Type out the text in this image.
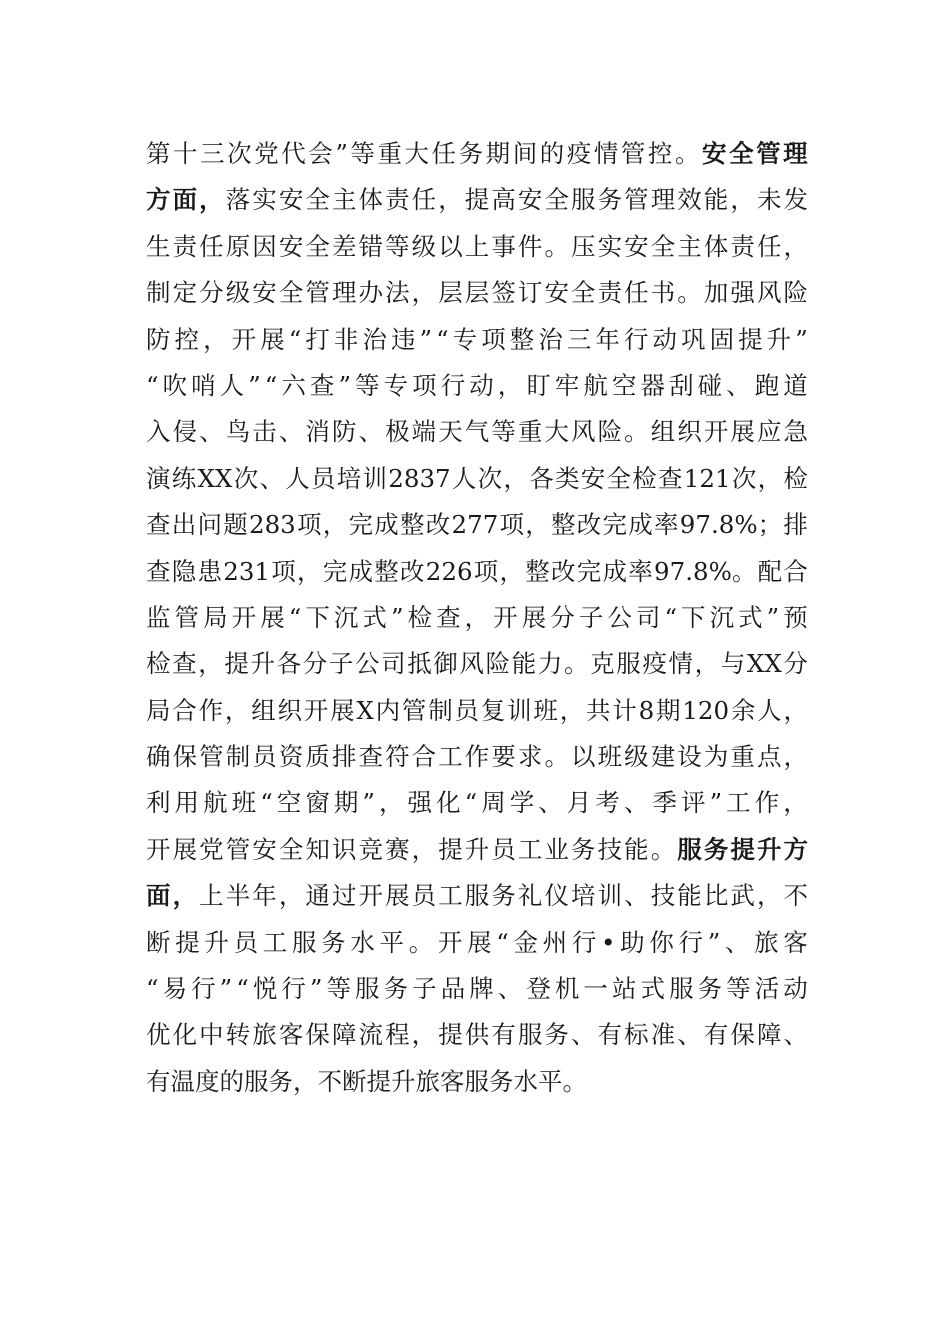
第 十 三 次 党 代 会 ” 等 重 大 任 务 期 间 的 疫 情 管 控 。 安 全 管 理
方 面 ， 落 实 安 全 主 体 责 任 ， 提 高 安 全 服 务 管 理 效 能 ， 未 发
生 责 任 原 因 安 全 差 错 等 级 以 上 事 件 。 压 实 安 全 主 体 责 任 ，
制 定 分 级 安 全 管 理 办 法 ， 层 层 签 订 安 全 责 任 书 。 加 强 风 险
防 控 ， 开 展 “ 打 非 治 违 ” “ 专 项 整 治 三 年 行 动 巩 固 提 升 ”
“ 吹 哨 人 ” “ 六 查 ” 等 专 项 行 动 ， 盯 牢 航 空 器 刮 碰 、 跑 道
入 侵 、 鸟 击 、 消 防 、 极 端 天 气 等 重 大 风 险 。 组 织 开 展 应 急
演 练 XX 次 、 人 员 培 训 2837 人 次 ， 各 类 安 全 检 查 121 次 ， 检
查 出 问 题 283 项 ， 完 成 整 改 277 项 ， 整 改 完 成 率 97.8%； 排
查 隐 患 231 项 ， 完 成 整 改 226 项 ， 整 改 完 成 率 97.8%。 配 合
监 管 局 开 展 “ 下 沉 式 ” 检 查 ， 开 展 分 子 公 司 “ 下 沉 式 ” 预
检 查 ， 提 升 各 分 子 公 司 抵 御 风 险 能 力 。 克 服 疫 情 ， 与 XX 分
局 合 作 ， 组 织 开 展 X 内 管 制 员 复 训 班 ， 共 计 8 期 120 余 人 ，
确 保 管 制 员 资 质 排 查 符 合 工 作 要 求 。 以 班 级 建 设 为 重 点 ，
利 用 航 班 “ 空 窗 期 ” ， 强 化 “ 周 学 、 月 考 、 季 评 ” 工 作 ，
开 展 党 管 安 全 知 识 竞 赛 ， 提 升 员 工 业 务 技 能 。 服 务 提 升 方
面 ， 上 半 年 ， 通 过 开 展 员 工 服 务 礼 仪 培 训 、 技 能 比 武 ， 不
断 提 升 员 工 服 务 水 平 。 开 展 “ 金 州 行 • 助 你 行 ” 、 旅 客
“ 易 行 ” “ 悦 行 ” 等 服 务 子 品 牌 、 登 机 一 站 式 服 务 等 活 动
优 化 中 转 旅 客 保 障 流 程 ， 提 供 有 服 务 、 有 标 准 、 有 保 障 、
有 温 度 的 服 务 ， 不 断 提 升 旅 客 服 务 水 平 。
